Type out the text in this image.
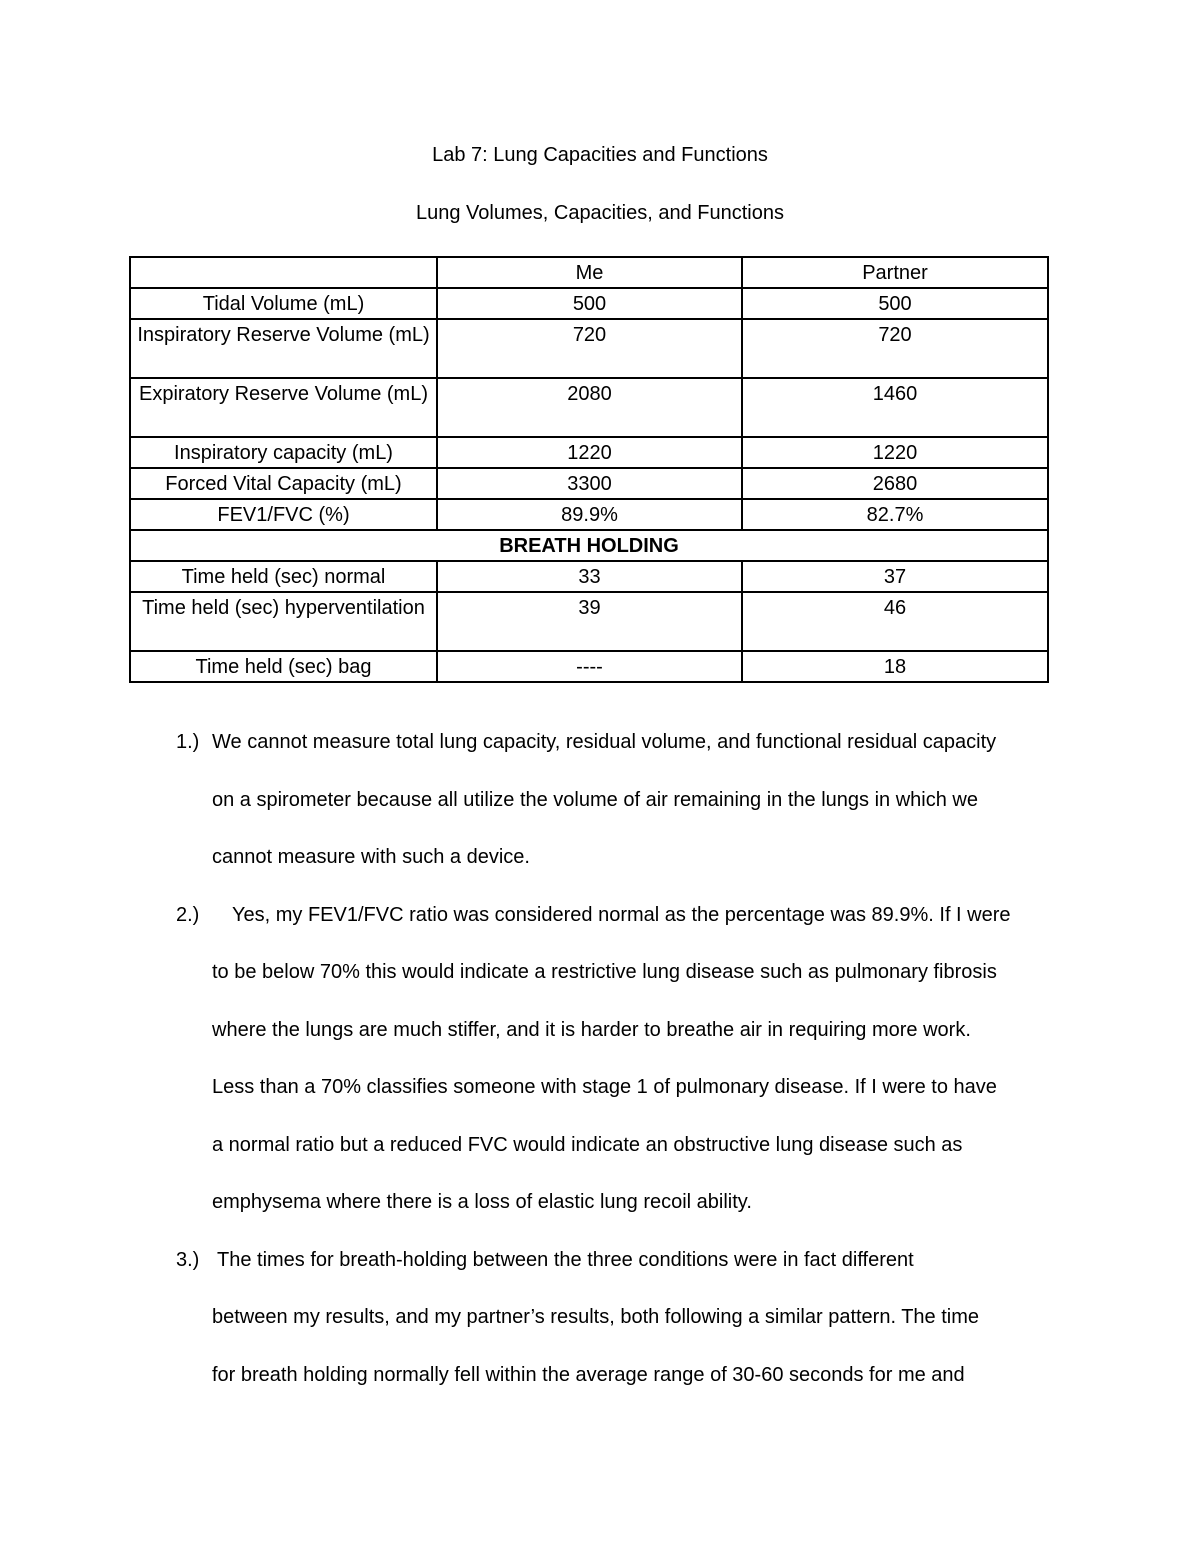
Lab 7: Lung Capacities and Functions
Lung Volumes, Capacities, and Functions
	Me	Partner
Tidal Volume (mL)	500	500
Inspiratory Reserve Volume (mL)	720	720
Expiratory Reserve Volume (mL)	2080	1460
Inspiratory capacity (mL)	1220	1220
Forced Vital Capacity (mL)	3300	2680
FEV1/FVC (%)	89.9%	82.7%
BREATH HOLDING		
Time held (sec) normal	33	37
Time held (sec) hyperventilation	39	46
Time held (sec) bag	----	18
1.) We cannot measure total lung capacity, residual volume, and functional residual capacity
on a spirometer because all utilize the volume of air remaining in the lungs in which we
cannot measure with such a device.
2.) Yes, my FEV1/FVC ratio was considered normal as the percentage was 89.9%. If I were
to be below 70% this would indicate a restrictive lung disease such as pulmonary fibrosis
where the lungs are much stiffer, and it is harder to breathe air in requiring more work.
Less than a 70% classifies someone with stage 1 of pulmonary disease. If I were to have
a normal ratio but a reduced FVC would indicate an obstructive lung disease such as
emphysema where there is a loss of elastic lung recoil ability.
3.) The times for breath-holding between the three conditions were in fact different
between my results, and my partner’s results, both following a similar pattern. The time
for breath holding normally fell within the average range of 30-60 seconds for me and
